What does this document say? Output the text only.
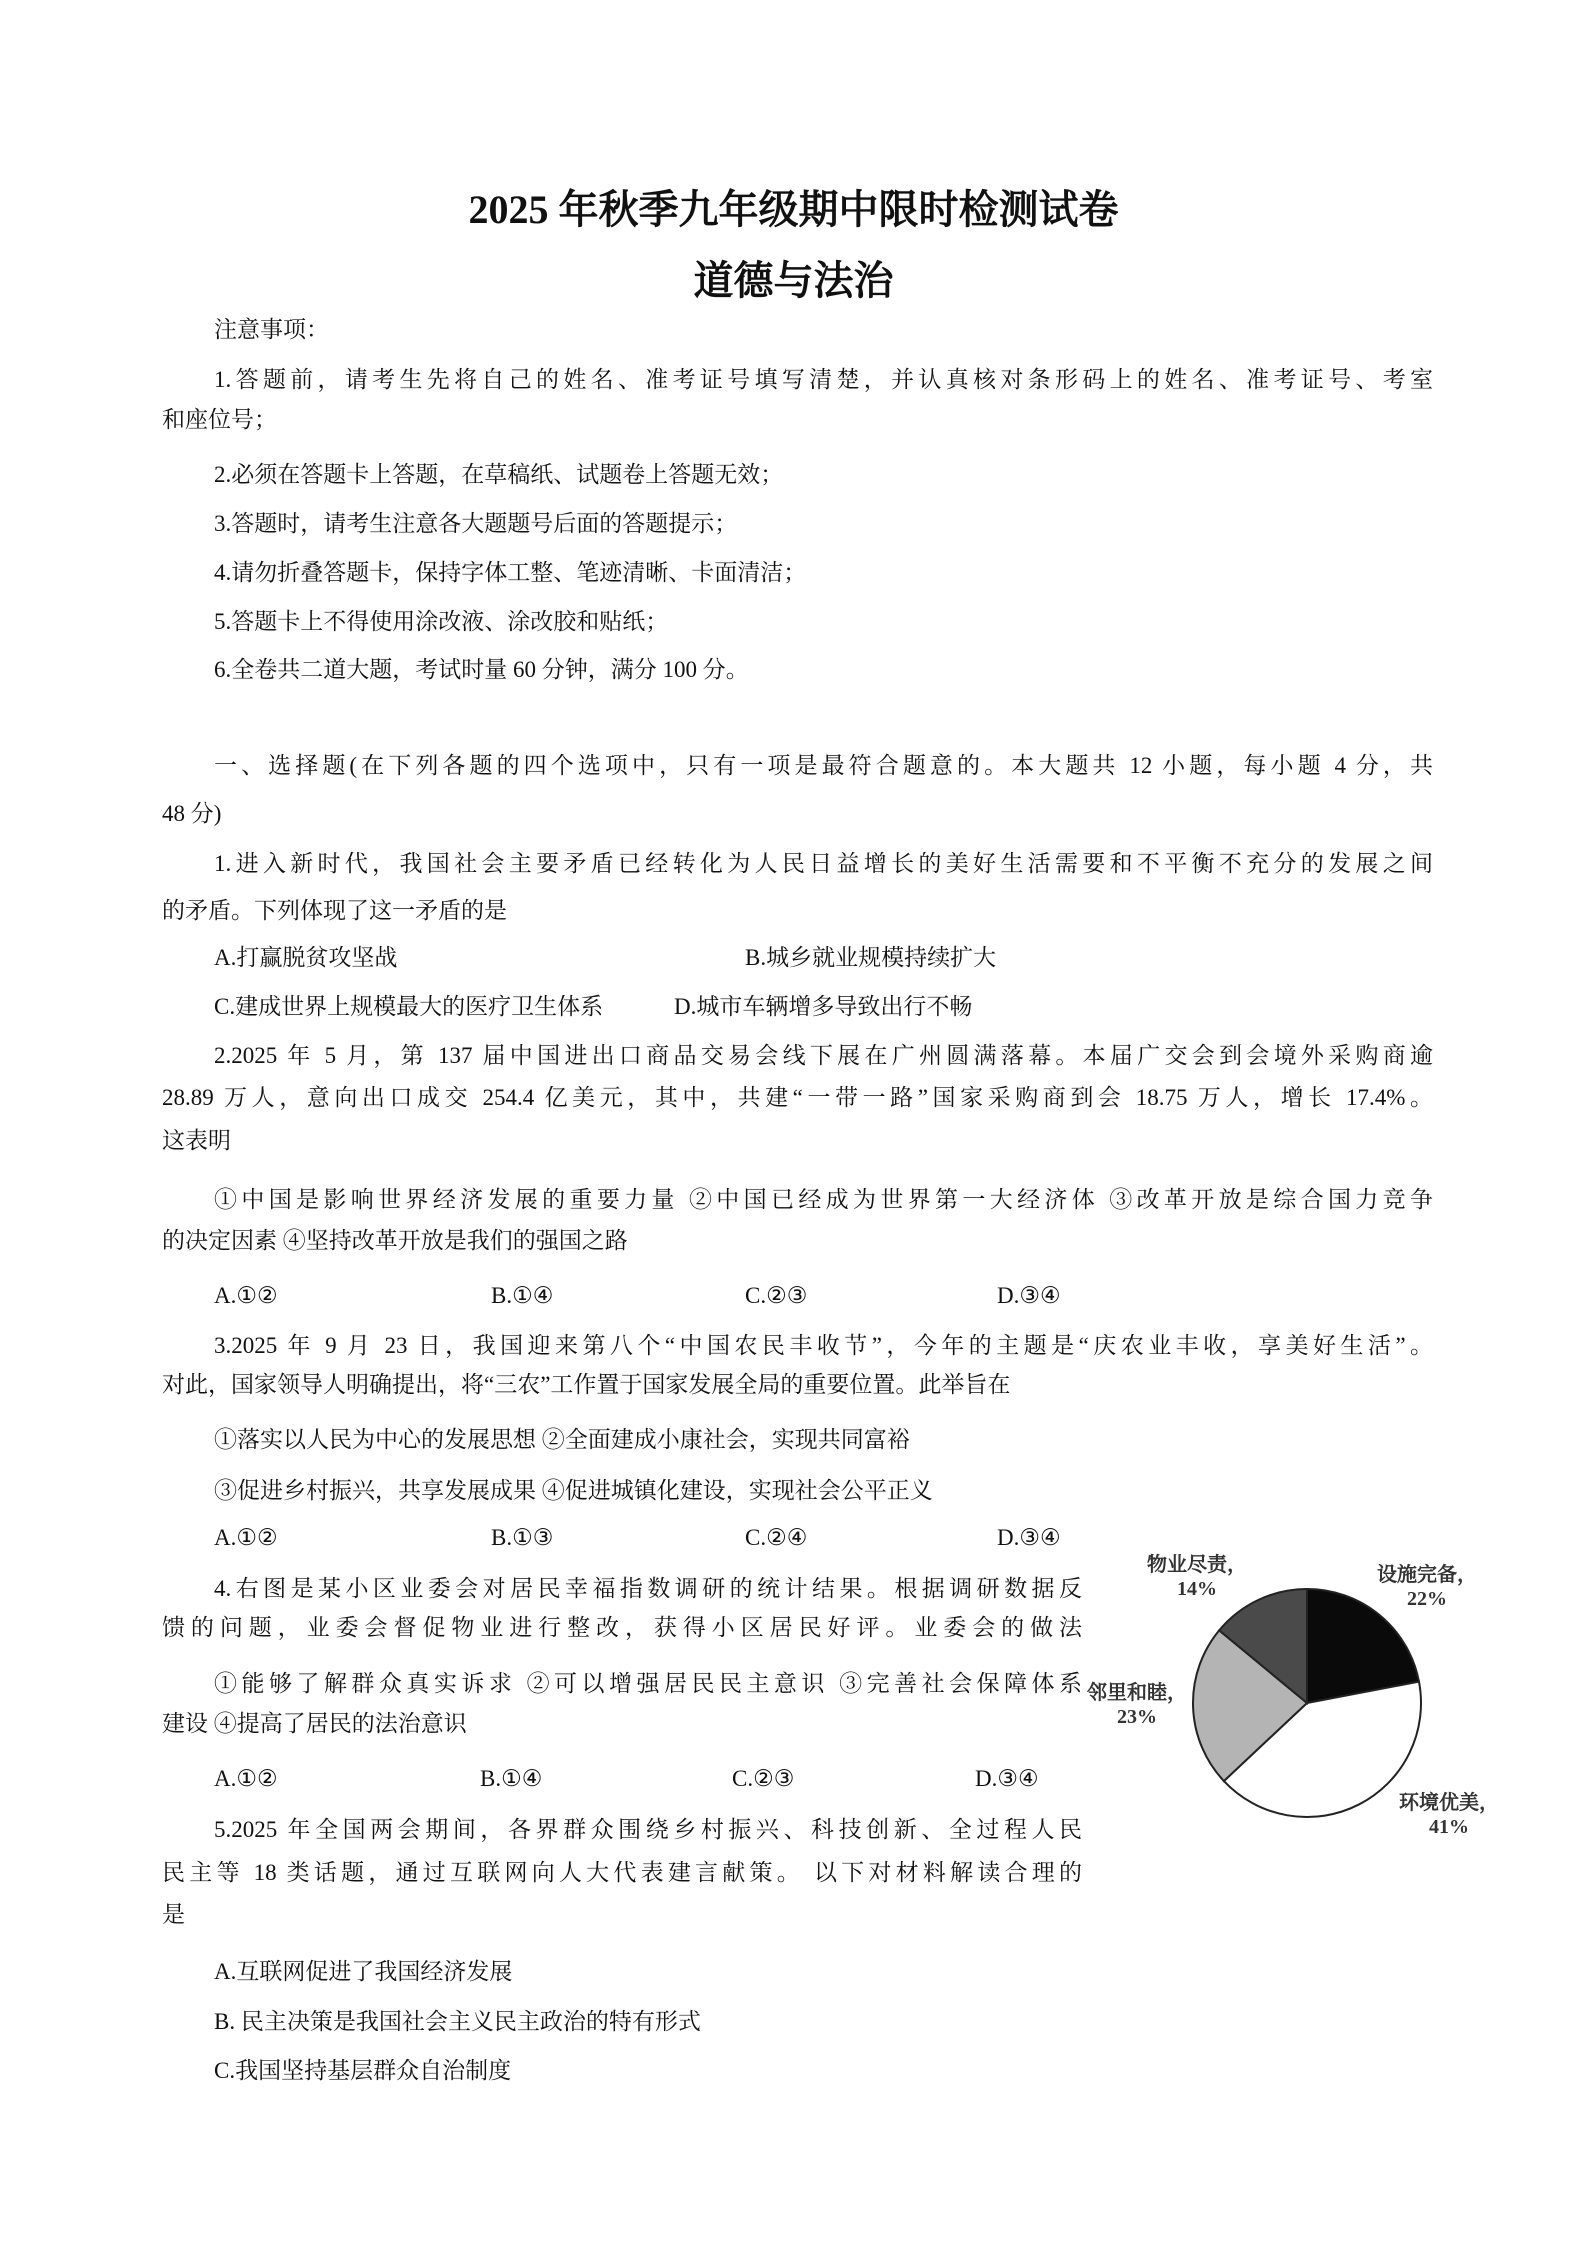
2025 年秋季九年级期中限时检测试卷
道德与法治
注意事项：
1.答题前，请考生先将自己的姓名、准考证号填写清楚，并认真核对条形码上的姓名、准考证号、考室
和座位号；
2.必须在答题卡上答题，在草稿纸、试题卷上答题无效；
3.答题时，请考生注意各大题题号后面的答题提示；
4.请勿折叠答题卡，保持字体工整、笔迹清晰、卡面清洁；
5.答题卡上不得使用涂改液、涂改胶和贴纸；
6.全卷共二道大题，考试时量 60 分钟，满分 100 分。
一、选择题(在下列各题的四个选项中，只有一项是最符合题意的。本大题共 12 小题，每小题 4 分，共
48 分)
1.进入新时代，我国社会主要矛盾已经转化为人民日益增长的美好生活需要和不平衡不充分的发展之间
的矛盾。下列体现了这一矛盾的是
A.打赢脱贫攻坚战	B.城乡就业规模持续扩大
C.建成世界上规模最大的医疗卫生体系	D.城市车辆增多导致出行不畅
2.2025 年 5 月，第 137 届中国进出口商品交易会线下展在广州圆满落幕。本届广交会到会境外采购商逾
28.89 万人，意向出口成交 254.4 亿美元，其中，共建“一带一路”国家采购商到会 18.75 万人，增长 17.4%。
这表明
①中国是影响世界经济发展的重要力量 ②中国已经成为世界第一大经济体 ③改革开放是综合国力竞争
的决定因素 ④坚持改革开放是我们的强国之路
A.①②	B.①④	C.②③	D.③④
3.2025 年 9 月 23 日，我国迎来第八个“中国农民丰收节”，今年的主题是“庆农业丰收，享美好生活”。
对此，国家领导人明确提出，将“三农”工作置于国家发展全局的重要位置。此举旨在
①落实以人民为中心的发展思想 ②全面建成小康社会，实现共同富裕
③促进乡村振兴，共享发展成果 ④促进城镇化建设，实现社会公平正义
A.①②	B.①③	C.②④	D.③④
4.右图是某小区业委会对居民幸福指数调研的统计结果。根据调研数据反
馈的问题，业委会督促物业进行整改，获得小区居民好评。业委会的做法
①能够了解群众真实诉求 ②可以增强居民民主意识 ③完善社会保障体系
建设 ④提高了居民的法治意识
A.①②	B.①④	C.②③	D.③④
5.2025 年全国两会期间，各界群众围绕乡村振兴、科技创新、全过程人民
民主等 18 类话题，通过互联网向人大代表建言献策。 以下对材料解读合理的
是
A.互联网促进了我国经济发展
B. 民主决策是我国社会主义民主政治的特有形式
C.我国坚持基层群众自治制度
物业尽责，
14%
设施完备，
22%
邻里和睦，
23%
环境优美，
41%
